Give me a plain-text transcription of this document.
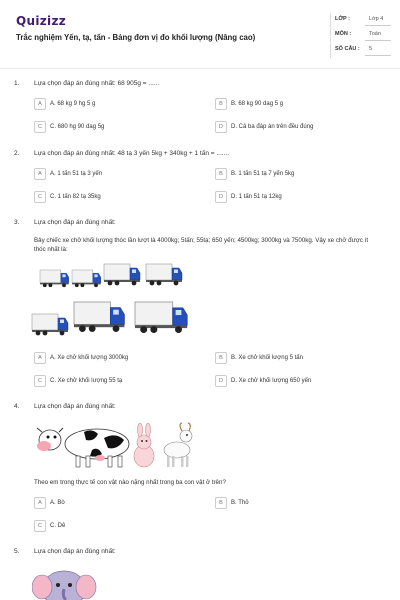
Quizizz
Trắc nghiệm Yến, tạ, tấn - Bảng đơn vị đo khối lượng (Nâng cao)
LỚP :	Lớp 4
MÔN :	Toán
SỐ CÂU : 5
1. Lựa chọn đáp án đúng nhất: 68 905g = ......
A	A. 68 kg 9 hg 5 g	B	B. 68 kg 90 dag 5 g
C	C. 680 hg 90 dag 5g	D	D. Cả ba đáp án trên đều đúng
2. Lựa chọn đáp án đúng nhất: 48 tạ 3 yến 5kg + 340kg + 1 tấn = .......
A	A. 1 tấn 51 tạ 3 yến	B	B. 1 tấn 51 tạ 7 yến 5kg
C	C. 1 tấn 82 tạ 35kg	D	D. 1 tấn 51 tạ 12kg
3. Lựa chọn đáp án đúng nhất:
Bảy chiếc xe chở khối lượng thóc lần lượt là 4000kg; 5tấn; 55tạ; 650 yến; 4500kg; 3000kg và 7500kg. Vậy xe chở được ít thóc nhất là:
A	A. Xe chở khối lượng 3000kg	B	B. Xe chở khối lượng 5 tấn
C	C. Xe chở khối lượng 55 tạ	D	D. Xe chở khối lượng 650 yến
4. Lựa chọn đáp án đúng nhất:
Theo em trong thực tế con vật nào nặng nhất trong ba con vật ở trên?
A	A. Bò	B	B. Thỏ
C	C. Dê
5. Lựa chọn đáp án đúng nhất:
